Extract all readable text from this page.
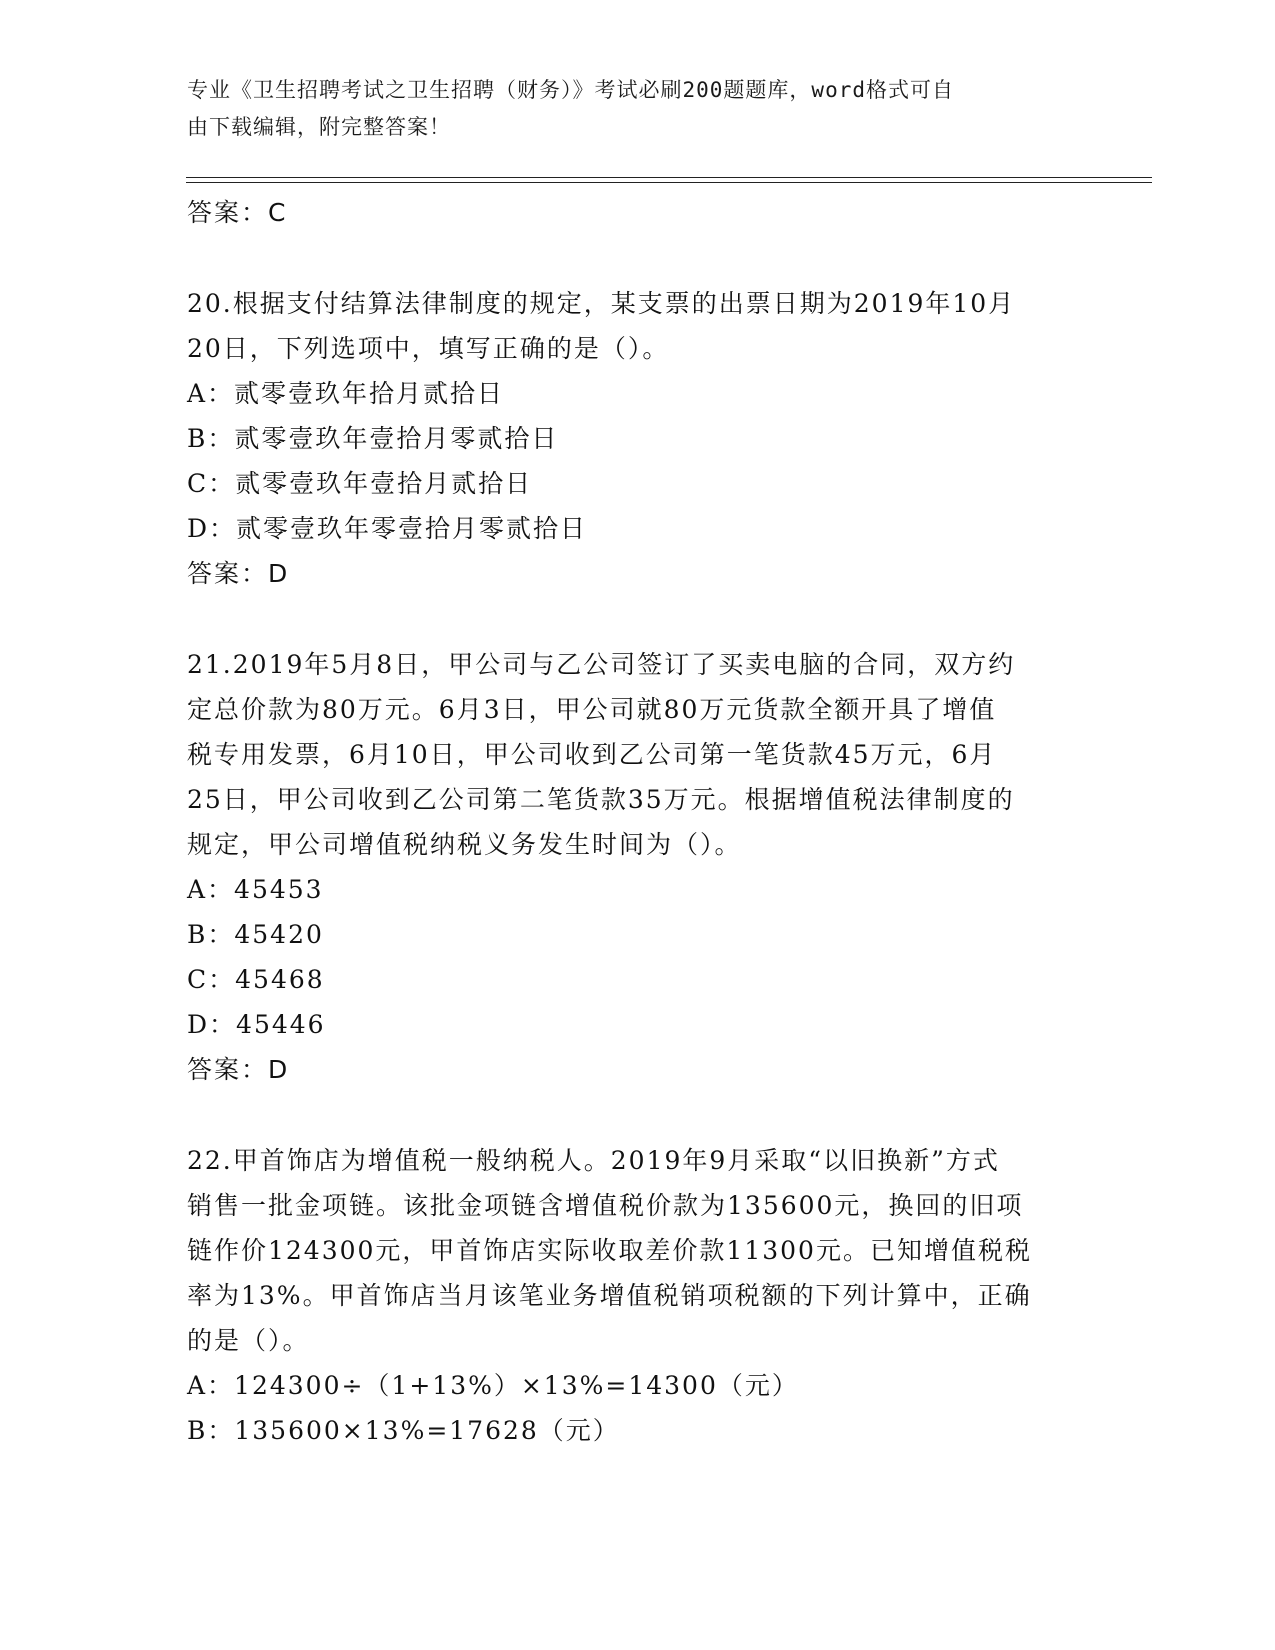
专业《卫生招聘考试之卫生招聘（财务）》考试必刷200题题库，word格式可自
由下载编辑，附完整答案！
答案：C
20.根据支付结算法律制度的规定，某支票的出票日期为2019年10月
20日，下列选项中，填写正确的是（）。
A：贰零壹玖年拾月贰拾日
B：贰零壹玖年壹拾月零贰拾日
C：贰零壹玖年壹拾月贰拾日
D：贰零壹玖年零壹拾月零贰拾日
答案：D
21.2019年5月8日，甲公司与乙公司签订了买卖电脑的合同，双方约
定总价款为80万元。6月3日，甲公司就80万元货款全额开具了增值
税专用发票，6月10日，甲公司收到乙公司第一笔货款45万元，6月
25日，甲公司收到乙公司第二笔货款35万元。根据增值税法律制度的
规定，甲公司增值税纳税义务发生时间为（）。
A：45453
B：45420
C：45468
D：45446
答案：D
22.甲首饰店为增值税一般纳税人。2019年9月采取“以旧换新”方式
销售一批金项链。该批金项链含增值税价款为135600元，换回的旧项
链作价124300元，甲首饰店实际收取差价款11300元。已知增值税税
率为13%。甲首饰店当月该笔业务增值税销项税额的下列计算中，正确
的是（）。
A：124300÷（1+13%）×13%=14300（元）
B：135600×13%=17628（元）
